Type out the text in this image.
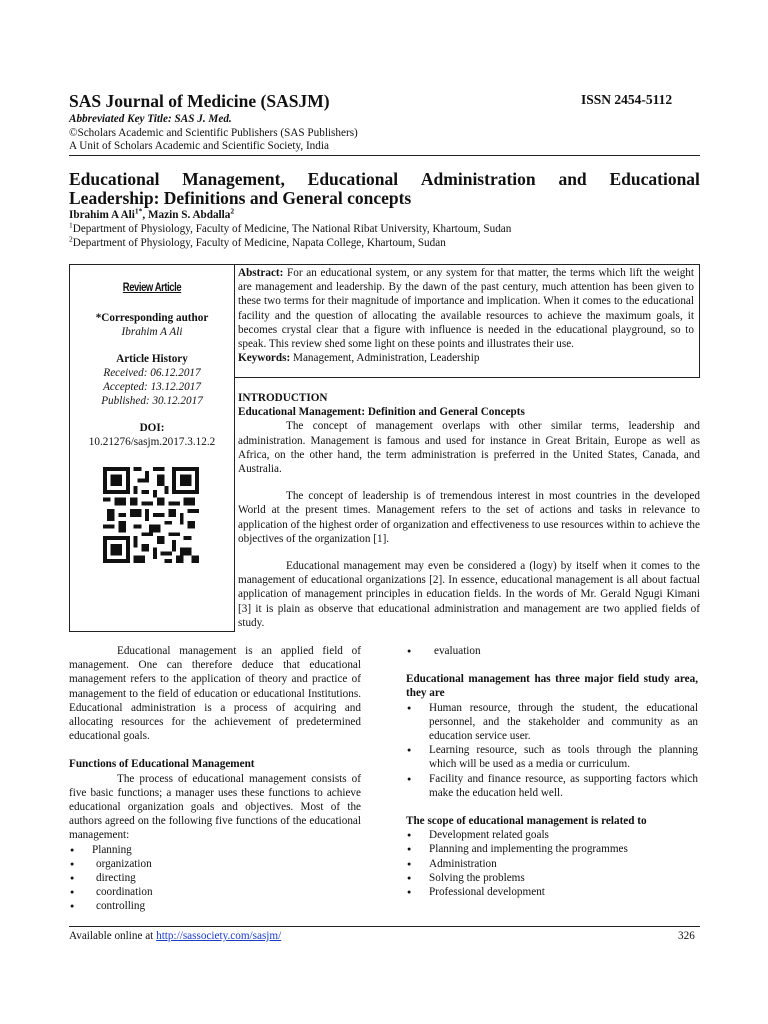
SAS Journal of Medicine (SASJM)	ISSN 2454-5112
Abbreviated Key Title: SAS J. Med.
©Scholars Academic and Scientific Publishers (SAS Publishers)
A Unit of Scholars Academic and Scientific Society, India
Educational Management, Educational Administration and Educational
Leadership: Definitions and General concepts
Ibrahim A Ali$^{1*}$, Mazin S. Abdalla$^2$
$^1$Department of Physiology, Faculty of Medicine, The National Ribat University, Khartoum, Sudan
$^2$Department of Physiology, Faculty of Medicine, Napata College, Khartoum, Sudan
Review Article
*Corresponding author
Ibrahim A Ali
Article History
Received: 06.12.2017
Accepted: 13.12.2017
Published: 30.12.2017
DOI:
10.21276/sasjm.2017.3.12.2
Abstract: For an educational system, or any system for that matter, the terms which lift the weight are management and leadership. By the dawn of the past century, much attention has been given to these two terms for their magnitude of importance and implication. When it comes to the educational facility and the question of allocating the available resources to achieve the maximum goals, it becomes crystal clear that a figure with influence is needed in the educational playground, so to speak. This review shed some light on these points and illustrates their use.
Keywords: Management, Administration, Leadership
INTRODUCTION
Educational Management: Definition and General Concepts

The concept of management overlaps with other similar terms, leadership and administration. Management is famous and used for instance in Great Britain, Europe as well as Africa, on the other hand, the term administration is preferred in the United States, Canada, and Australia.

The concept of leadership is of tremendous interest in most countries in the developed World at the present times. Management refers to the set of actions and tasks in relevance to application of the highest order of organization and effectiveness to use resources within to achieve the objectives of the organization [1].

Educational management may even be considered a (logy) by itself when it comes to the management of educational organizations [2]. In essence, educational management is all about factual application of management principles in education fields. In the words of Mr. Gerald Ngugi Kimani [3] it is plain as observe that educational administration and management are two applied fields of study.

Educational management is an applied field of management. One can therefore deduce that educational management refers to the application of theory and practice of management to the field of education or educational Institutions. Educational administration is a process of acquiring and allocating resources for the achievement of predetermined educational goals.

Functions of Educational Management

The process of educational management consists of five basic functions; a manager uses these functions to achieve educational organization goals and objectives. Most of the authors agreed on the following five functions of the educational management:

● Planning
● organization
● directing
● coordination
● controlling
● evaluation
Educational management has three major field study area, they are
● Human resource, through the student, the educational personnel, and the stakeholder and community as an education service user.
● Learning resource, such as tools through the planning which will be used as a media or curriculum.
● Facility and finance resource, as supporting factors which make the education held well.
The scope of educational management is related to
● Development related goals
● Planning and implementing the programmes
● Administration
● Solving the problems
● Professional development
Available online at http://sassociety.com/sasjm/	326
